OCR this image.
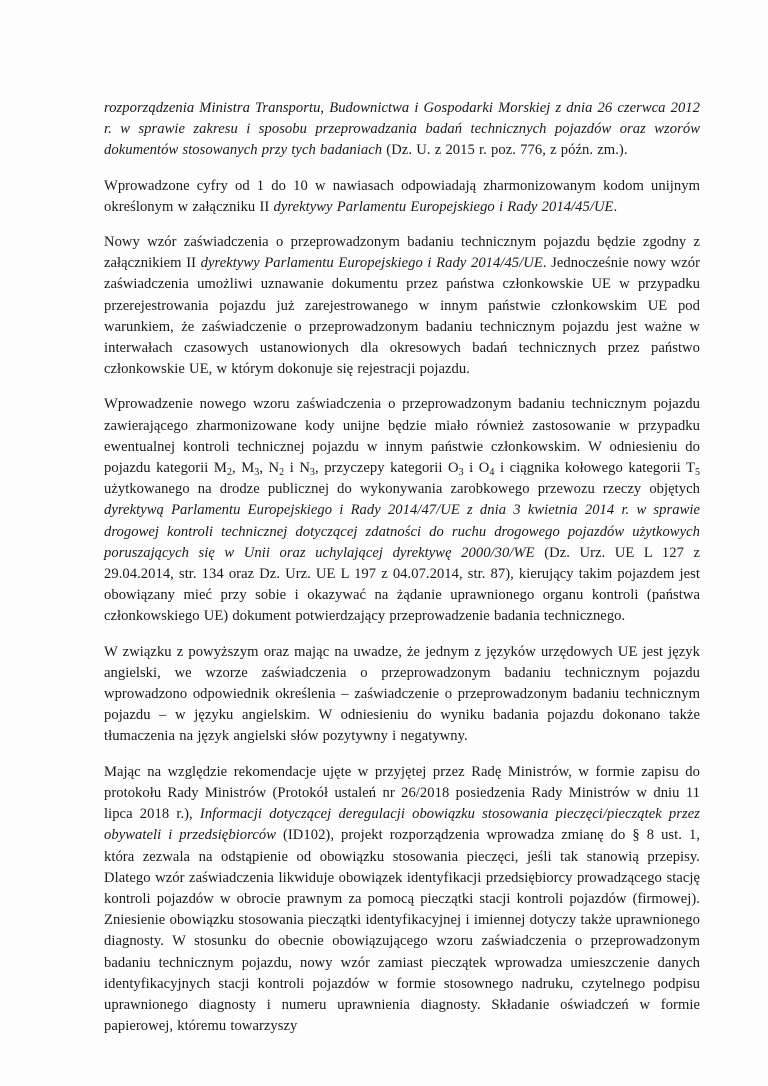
rozporządzenia Ministra Transportu, Budownictwa i Gospodarki Morskiej z dnia 26 czerwca 2012 r. w sprawie zakresu i sposobu przeprowadzania badań technicznych pojazdów oraz wzorów dokumentów stosowanych przy tych badaniach (Dz. U. z 2015 r. poz. 776, z późn. zm.).

Wprowadzone cyfry od 1 do 10 w nawiasach odpowiadają zharmonizowanym kodom unijnym określonym w załączniku II dyrektywy Parlamentu Europejskiego i Rady 2014/45/UE.

Nowy wzór zaświadczenia o przeprowadzonym badaniu technicznym pojazdu będzie zgodny z załącznikiem II dyrektywy Parlamentu Europejskiego i Rady 2014/45/UE. Jednocześnie nowy wzór zaświadczenia umożliwi uznawanie dokumentu przez państwa członkowskie UE w przypadku przerejestrowania pojazdu już zarejestrowanego w innym państwie członkowskim UE pod warunkiem, że zaświadczenie o przeprowadzonym badaniu technicznym pojazdu jest ważne w interwałach czasowych ustanowionych dla okresowych badań technicznych przez państwo członkowskie UE, w którym dokonuje się rejestracji pojazdu.

Wprowadzenie nowego wzoru zaświadczenia o przeprowadzonym badaniu technicznym pojazdu zawierającego zharmonizowane kody unijne będzie miało również zastosowanie w przypadku ewentualnej kontroli technicznej pojazdu w innym państwie członkowskim. W odniesieniu do pojazdu kategorii $M_2$, $M_3$, $N_2$ i $N_3$, przyczepy kategorii $O_3$ i $O_4$ i ciągnika kołowego kategorii $T_5$ użytkowanego na drodze publicznej do wykonywania zarobkowego przewozu rzeczy objętych dyrektywą Parlamentu Europejskiego i Rady 2014/47/UE z dnia 3 kwietnia 2014 r. w sprawie drogowej kontroli technicznej dotyczącej zdatności do ruchu drogowego pojazdów użytkowych poruszających się w Unii oraz uchylającej dyrektywę 2000/30/WE (Dz. Urz. UE L 127 z 29.04.2014, str. 134 oraz Dz. Urz. UE L 197 z 04.07.2014, str. 87), kierujący takim pojazdem jest obowiązany mieć przy sobie i okazywać na żądanie uprawnionego organu kontroli (państwa członkowskiego UE) dokument potwierdzający przeprowadzenie badania technicznego.

W związku z powyższym oraz mając na uwadze, że jednym z języków urzędowych UE jest język angielski, we wzorze zaświadczenia o przeprowadzonym badaniu technicznym pojazdu wprowadzono odpowiednik określenia – zaświadczenie o przeprowadzonym badaniu technicznym pojazdu – w języku angielskim. W odniesieniu do wyniku badania pojazdu dokonano także tłumaczenia na język angielski słów pozytywny i negatywny.

Mając na względzie rekomendacje ujęte w przyjętej przez Radę Ministrów, w formie zapisu do protokołu Rady Ministrów (Protokół ustaleń nr 26/2018 posiedzenia Rady Ministrów w dniu 11 lipca 2018 r.), Informacji dotyczącej deregulacji obowiązku stosowania pieczęci/pieczątek przez obywateli i przedsiębiorców (ID102), projekt rozporządzenia wprowadza zmianę do § 8 ust. 1, która zezwala na odstąpienie od obowiązku stosowania pieczęci, jeśli tak stanowią przepisy. Dlatego wzór zaświadczenia likwiduje obowiązek identyfikacji przedsiębiorcy prowadzącego stację kontroli pojazdów w obrocie prawnym za pomocą pieczątki stacji kontroli pojazdów (firmowej). Zniesienie obowiązku stosowania pieczątki identyfikacyjnej i imiennej dotyczy także uprawnionego diagnosty. W stosunku do obecnie obowiązującego wzoru zaświadczenia o przeprowadzonym badaniu technicznym pojazdu, nowy wzór zamiast pieczątek wprowadza umieszczenie danych identyfikacyjnych stacji kontroli pojazdów w formie stosownego nadruku, czytelnego podpisu uprawnionego diagnosty i numeru uprawnienia diagnosty. Składanie oświadczeń w formie papierowej, któremu towarzyszy
